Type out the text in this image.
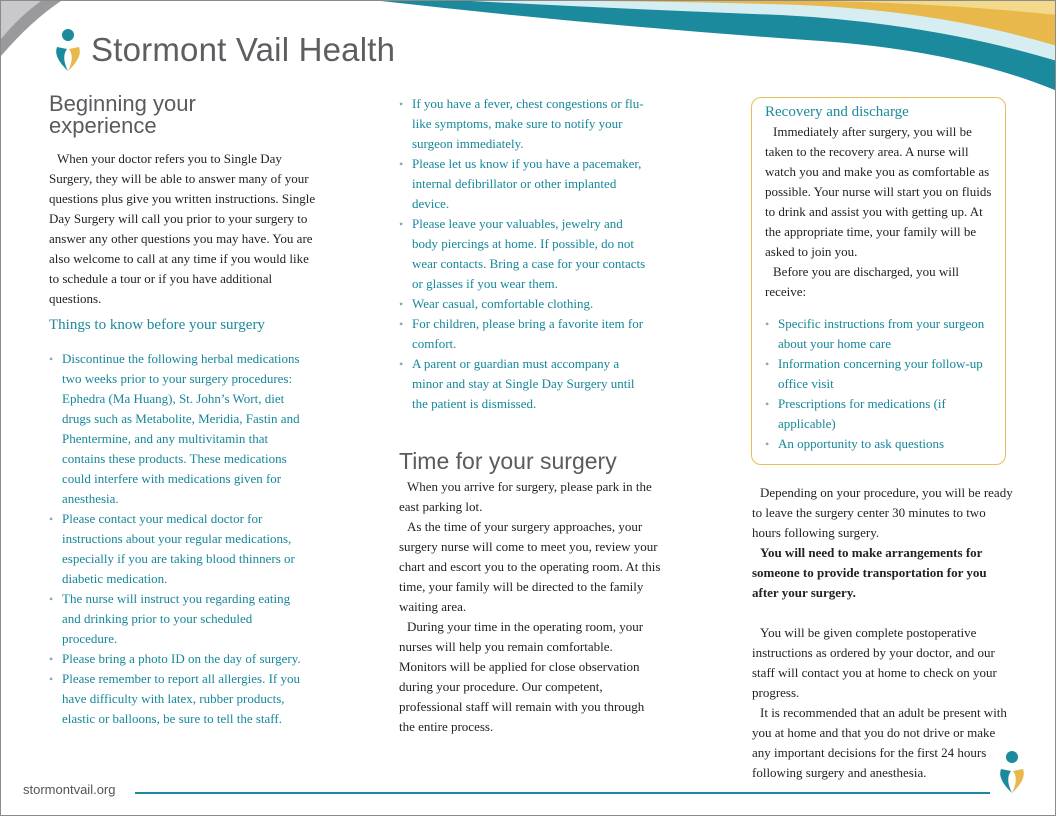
Stormont Vail Health
Beginning your experience

When your doctor refers you to Single Day Surgery, they will be able to answer many of your questions plus give you written instructions. Single Day Surgery will call you prior to your surgery to answer any other questions you may have. You are also welcome to call at any time if you would like to schedule a tour or if you have additional questions.

Things to know before your surgery
• Discontinue the following herbal medications two weeks prior to your surgery procedures: Ephedra (Ma Huang), St. John’s Wort, diet drugs such as Metabolite, Meridia, Fastin and Phentermine, and any multivitamin that contains these products. These medications could interfere with medications given for anesthesia.
• Please contact your medical doctor for instructions about your regular medications, especially if you are taking blood thinners or diabetic medication.
• The nurse will instruct you regarding eating and drinking prior to your scheduled procedure.
• Please bring a photo ID on the day of surgery.
• Please remember to report all allergies. If you have difficulty with latex, rubber products, elastic or balloons, be sure to tell the staff.
• If you have a fever, chest congestions or flu-like symptoms, make sure to notify your surgeon immediately.
• Please let us know if you have a pacemaker, internal defibrillator or other implanted device.
• Please leave your valuables, jewelry and body piercings at home. If possible, do not wear contacts. Bring a case for your contacts or glasses if you wear them.
• Wear casual, comfortable clothing.
• For children, please bring a favorite item for comfort.
• A parent or guardian must accompany a minor and stay at Single Day Surgery until the patient is dismissed.
Time for your surgery

When you arrive for surgery, please park in the east parking lot.

As the time of your surgery approaches, your surgery nurse will come to meet you, review your chart and escort you to the operating room. At this time, your family will be directed to the family waiting area.

During your time in the operating room, your nurses will help you remain comfortable. Monitors will be applied for close observation during your procedure. Our competent, professional staff will remain with you through the entire process.

Recovery and discharge

Immediately after surgery, you will be taken to the recovery area. A nurse will watch you and make you as comfortable as possible. Your nurse will start you on fluids to drink and assist you with getting up. At the appropriate time, your family will be asked to join you.

Before you are discharged, you will receive:

• Specific instructions from your surgeon about your home care
• Information concerning your follow-up office visit
• Prescriptions for medications (if applicable)
• An opportunity to ask questions

Depending on your procedure, you will be ready to leave the surgery center 30 minutes to two hours following surgery.

You will need to make arrangements for someone to provide transportation for you after your surgery.

You will be given complete postoperative instructions as ordered by your doctor, and our staff will contact you at home to check on your progress.

It is recommended that an adult be present with you at home and that you do not drive or make any important decisions for the first 24 hours following surgery and anesthesia.

stormontvail.org
